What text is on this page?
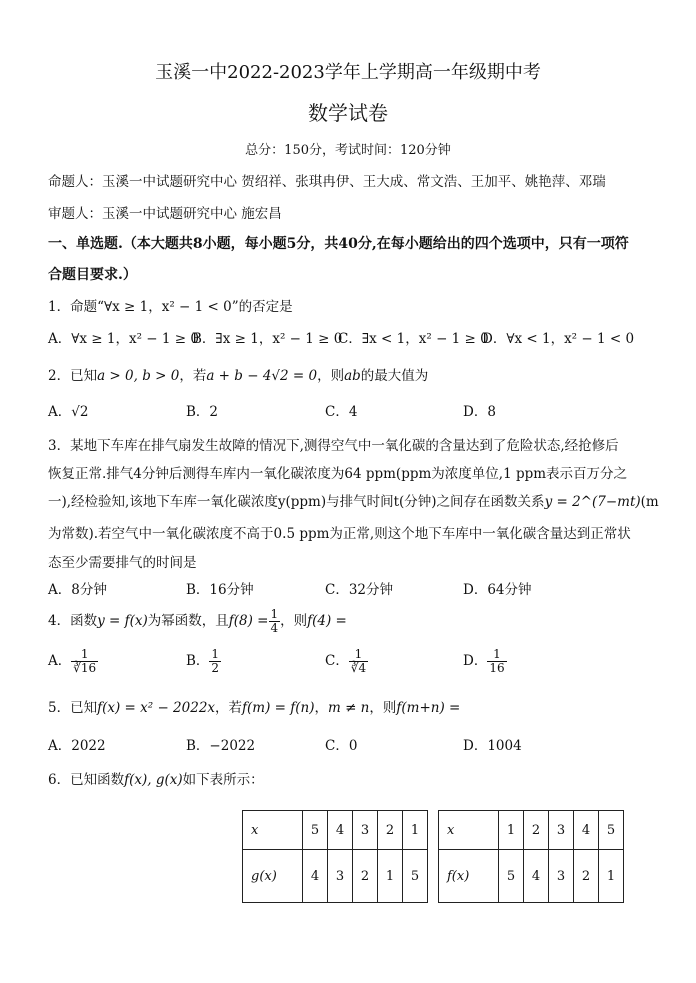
玉溪一中2022-2023学年上学期高一年级期中考
数学试卷
总分：150分，考试时间：120分钟
命题人：玉溪一中试题研究中心 贺绍祥、张琪冉伊、王大成、常文浩、王加平、姚艳萍、邓瑞
审题人：玉溪一中试题研究中心 施宏昌
一、单选题.（本大题共8小题，每小题5分，共40分,在每小题给出的四个选项中，只有一项符
合题目要求.）
1．命题“∀x ≥ 1，x² − 1 < 0”的否定是
A．∀x ≥ 1，x² − 1 ≥ 0
B．∃x ≥ 1，x² − 1 ≥ 0
C．∃x < 1，x² − 1 ≥ 0
D．∀x < 1，x² − 1 < 0
2．已知a > 0, b > 0，若a + b − 4√2 = 0，则ab的最大值为
A．√2	B．2	C．4	D．8
3．某地下车库在排气扇发生故障的情况下,测得空气中一氧化碳的含量达到了危险状态,经抢修后
恢复正常.排气4分钟后测得车库内一氧化碳浓度为64 ppm(ppm为浓度单位,1 ppm表示百万分之
一),经检验知,该地下车库一氧化碳浓度y(ppm)与排气时间t(分钟)之间存在函数关系y = 2^(7−mt)(m
为常数).若空气中一氧化碳浓度不高于0.5 ppm为正常,则这个地下车库中一氧化碳含量达到正常状
态至少需要排气的时间是
A．8分钟	B．16分钟	C．32分钟	D．64分钟
4．函数y = f(x)为幂函数，且$f(8) = \frac{1}{4}$ ，则f(4) =
A． $\frac{1}{∛16}$	B． $\frac{1}{2}$	C． $\frac{1}{∛4}$	D． $\frac{1}{16}$
5．已知f(x) = x² − 2022x，若f(m) = f(n)，m ≠ n，则f(m+n) =
A．2022	B．−2022	C．0	D．1004
6．已知函数f(x), g(x)如下表所示：
x	5	4	3	2	1
g(x)	4	3	2	1	5
x	1	2	3	4	5
f(x)	5	4	3	2	1
